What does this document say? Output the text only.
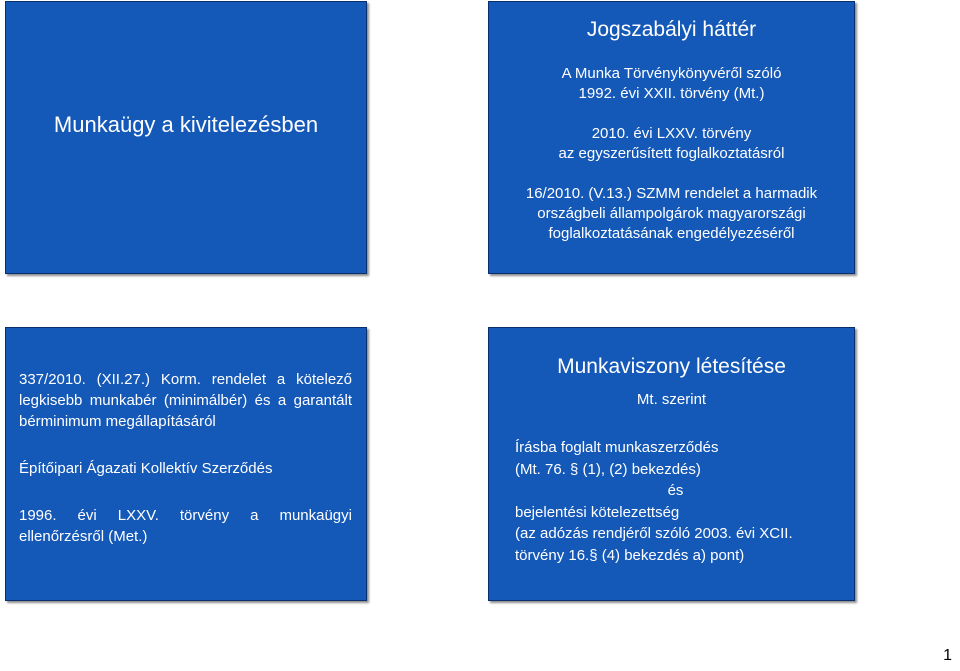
Munkaügy a kivitelezésben
Jogszabályi háttér

A Munka Törvénykönyvéről szóló

1992. évi XXII. törvény (Mt.)

2010. évi LXXV. törvény

az egyszerűsített foglalkoztatásról

16/2010. (V.13.) SZMM rendelet a harmadik

országbeli állampolgárok magyarországi

foglalkoztatásának engedélyezéséről

337/2010. (XII.27.) Korm. rendelet a kötelező legkisebb munkabér (minimálbér) és a garantált bérminimum megállapításáról

Építőipari Ágazati Kollektív Szerződés

1996. évi LXXV. törvény a munkaügyi ellenőrzésről (Met.)

Munkaviszony létesítése
Mt. szerint

Írásba foglalt munkaszerződés

(Mt. 76. § (1), (2) bekezdés)

és

bejelentési kötelezettség

(az adózás rendjéről szóló 2003. évi XCII. törvény 16.§ (4) bekezdés a) pont)

1
